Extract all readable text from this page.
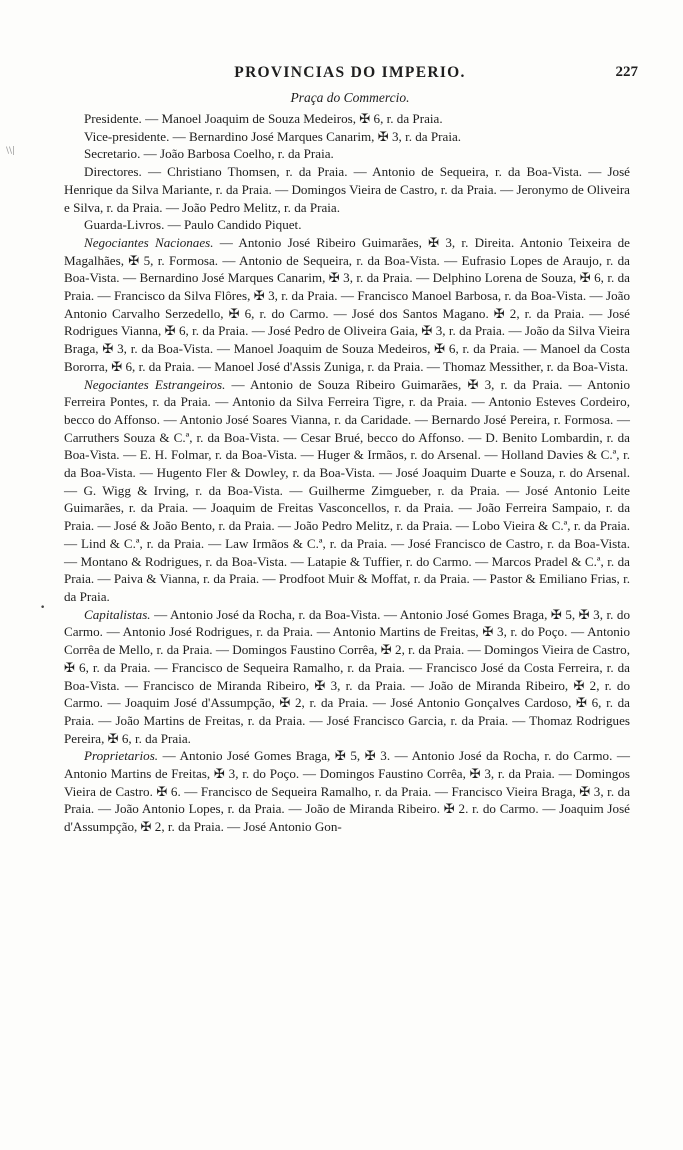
\\|
•
PROVINCIAS DO IMPERIO.	227
Praça do Commercio.

Presidente. — Manoel Joaquim de Souza Medeiros, ✠ 6, r. da Praia.

Vice-presidente. — Bernardino José Marques Canarim, ✠ 3, r. da Praia.

Secretario. — João Barbosa Coelho, r. da Praia.

Directores. — Christiano Thomsen, r. da Praia. — Antonio de Sequeira, r. da Boa-Vista. — José Henrique da Silva Mariante, r. da Praia. — Domingos Vieira de Castro, r. da Praia. — Jeronymo de Oliveira e Silva, r. da Praia. — João Pedro Melitz, r. da Praia.

Guarda-Livros. — Paulo Candido Piquet.

Negociantes Nacionaes. — Antonio José Ribeiro Guimarães, ✠ 3, r. Direita. Antonio Teixeira de Magalhães, ✠ 5, r. Formosa. — Antonio de Sequeira, r. da Boa-Vista. — Eufrasio Lopes de Araujo, r. da Boa-Vista. — Bernardino José Marques Canarim, ✠ 3, r. da Praia. — Delphino Lorena de Souza, ✠ 6, r. da Praia. — Francisco da Silva Flôres, ✠ 3, r. da Praia. — Francisco Manoel Barbosa, r. da Boa-Vista. — João Antonio Carvalho Serzedello, ✠ 6, r. do Carmo. — José dos Santos Magano. ✠ 2, r. da Praia. — José Rodrigues Vianna, ✠ 6, r. da Praia. — José Pedro de Oliveira Gaia, ✠ 3, r. da Praia. — João da Silva Vieira Braga, ✠ 3, r. da Boa-Vista. — Manoel Joaquim de Souza Medeiros, ✠ 6, r. da Praia. — Manoel da Costa Bororra, ✠ 6, r. da Praia. — Manoel José d'Assis Zuniga, r. da Praia. — Thomaz Messither, r. da Boa-Vista.

Negociantes Estrangeiros. — Antonio de Souza Ribeiro Guimarães, ✠ 3, r. da Praia. — Antonio Ferreira Pontes, r. da Praia. — Antonio da Silva Ferreira Tigre, r. da Praia. — Antonio Esteves Cordeiro, becco do Affonso. — Antonio José Soares Vianna, r. da Caridade. — Bernardo José Pereira, r. Formosa. — Carruthers Souza & C.ª, r. da Boa-Vista. — Cesar Brué, becco do Affonso. — D. Benito Lombardin, r. da Boa-Vista. — E. H. Folmar, r. da Boa-Vista. — Huger & Irmãos, r. do Arsenal. — Holland Davies & C.ª, r. da Boa-Vista. — Hugento Fler & Dowley, r. da Boa-Vista. — José Joaquim Duarte e Souza, r. do Arsenal. — G. Wigg & Irving, r. da Boa-Vista. — Guilherme Zimgueber, r. da Praia. — José Antonio Leite Guimarães, r. da Praia. — Joaquim de Freitas Vasconcellos, r. da Praia. — João Ferreira Sampaio, r. da Praia. — José & João Bento, r. da Praia. — João Pedro Melitz, r. da Praia. — Lobo Vieira & C.ª, r. da Praia. — Lind & C.ª, r. da Praia. — Law Irmãos & C.ª, r. da Praia. — José Francisco de Castro, r. da Boa-Vista. — Montano & Rodrigues, r. da Boa-Vista. — Latapie & Tuffier, r. do Carmo. — Marcos Pradel & C.ª, r. da Praia. — Paiva & Vianna, r. da Praia. — Prodfoot Muir & Moffat, r. da Praia. — Pastor & Emiliano Frias, r. da Praia.

Capitalistas. — Antonio José da Rocha, r. da Boa-Vista. — Antonio José Gomes Braga, ✠ 5, ✠ 3, r. do Carmo. — Antonio José Rodrigues, r. da Praia. — Antonio Martins de Freitas, ✠ 3, r. do Poço. — Antonio Corrêa de Mello, r. da Praia. — Domingos Faustino Corrêa, ✠ 2, r. da Praia. — Domingos Vieira de Castro, ✠ 6, r. da Praia. — Francisco de Sequeira Ramalho, r. da Praia. — Francisco José da Costa Ferreira, r. da Boa-Vista. — Francisco de Miranda Ribeiro, ✠ 3, r. da Praia. — João de Miranda Ribeiro, ✠ 2, r. do Carmo. — Joaquim José d'Assumpção, ✠ 2, r. da Praia. — José Antonio Gonçalves Cardoso, ✠ 6, r. da Praia. — João Martins de Freitas, r. da Praia. — José Francisco Garcia, r. da Praia. — Thomaz Rodrigues Pereira, ✠ 6, r. da Praia.

Proprietarios. — Antonio José Gomes Braga, ✠ 5, ✠ 3. — Antonio José da Rocha, r. do Carmo. — Antonio Martins de Freitas, ✠ 3, r. do Poço. — Domingos Faustino Corrêa, ✠ 3, r. da Praia. — Domingos Vieira de Castro. ✠ 6. — Francisco de Sequeira Ramalho, r. da Praia. — Francisco Vieira Braga, ✠ 3, r. da Praia. — João Antonio Lopes, r. da Praia. — João de Miranda Ribeiro. ✠ 2. r. do Carmo. — Joaquim José d'Assumpção, ✠ 2, r. da Praia. — José Antonio Gon-
